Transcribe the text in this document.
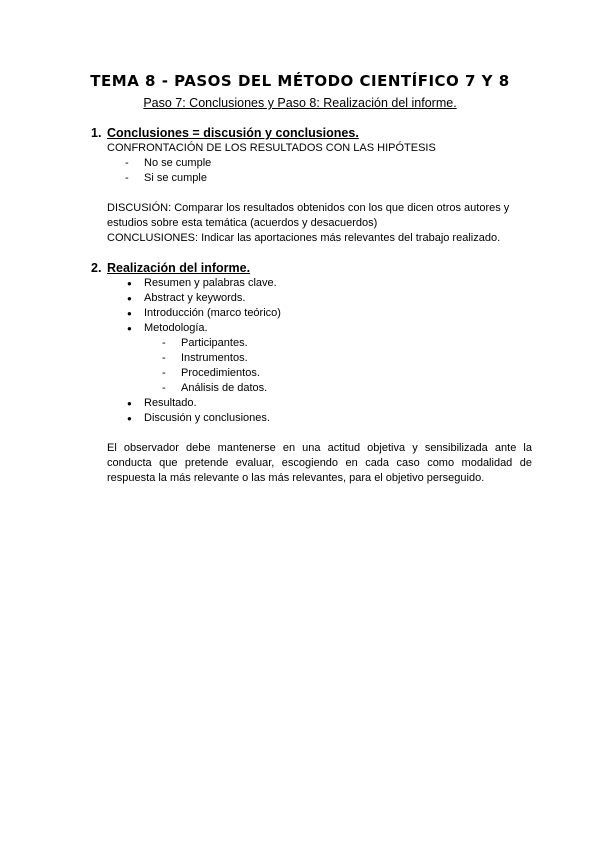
TEMA 8 - PASOS DEL MÉTODO CIENTÍFICO 7 Y 8
Paso 7: Conclusiones y Paso 8: Realización del informe.
1. Conclusiones = discusión y conclusiones.
CONFRONTACIÓN DE LOS RESULTADOS CON LAS HIPÓTESIS
- No se cumple
- Si se cumple
DISCUSIÓN: Comparar los resultados obtenidos con los que dicen otros autores y estudios sobre esta temática (acuerdos y desacuerdos)
CONCLUSIONES: Indicar las aportaciones más relevantes del trabajo realizado.
2. Realización del informe.
● Resumen y palabras clave.
● Abstract y keywords.
● Introducción (marco teórico)
● Metodología.
- Participantes.
- Instrumentos.
- Procedimientos.
- Análisis de datos.
● Resultado.
● Discusión y conclusiones.
El observador debe mantenerse en una actitud objetiva y sensibilizada ante la conducta que pretende evaluar, escogiendo en cada caso como modalidad de respuesta la más relevante o las más relevantes, para el objetivo perseguido.
